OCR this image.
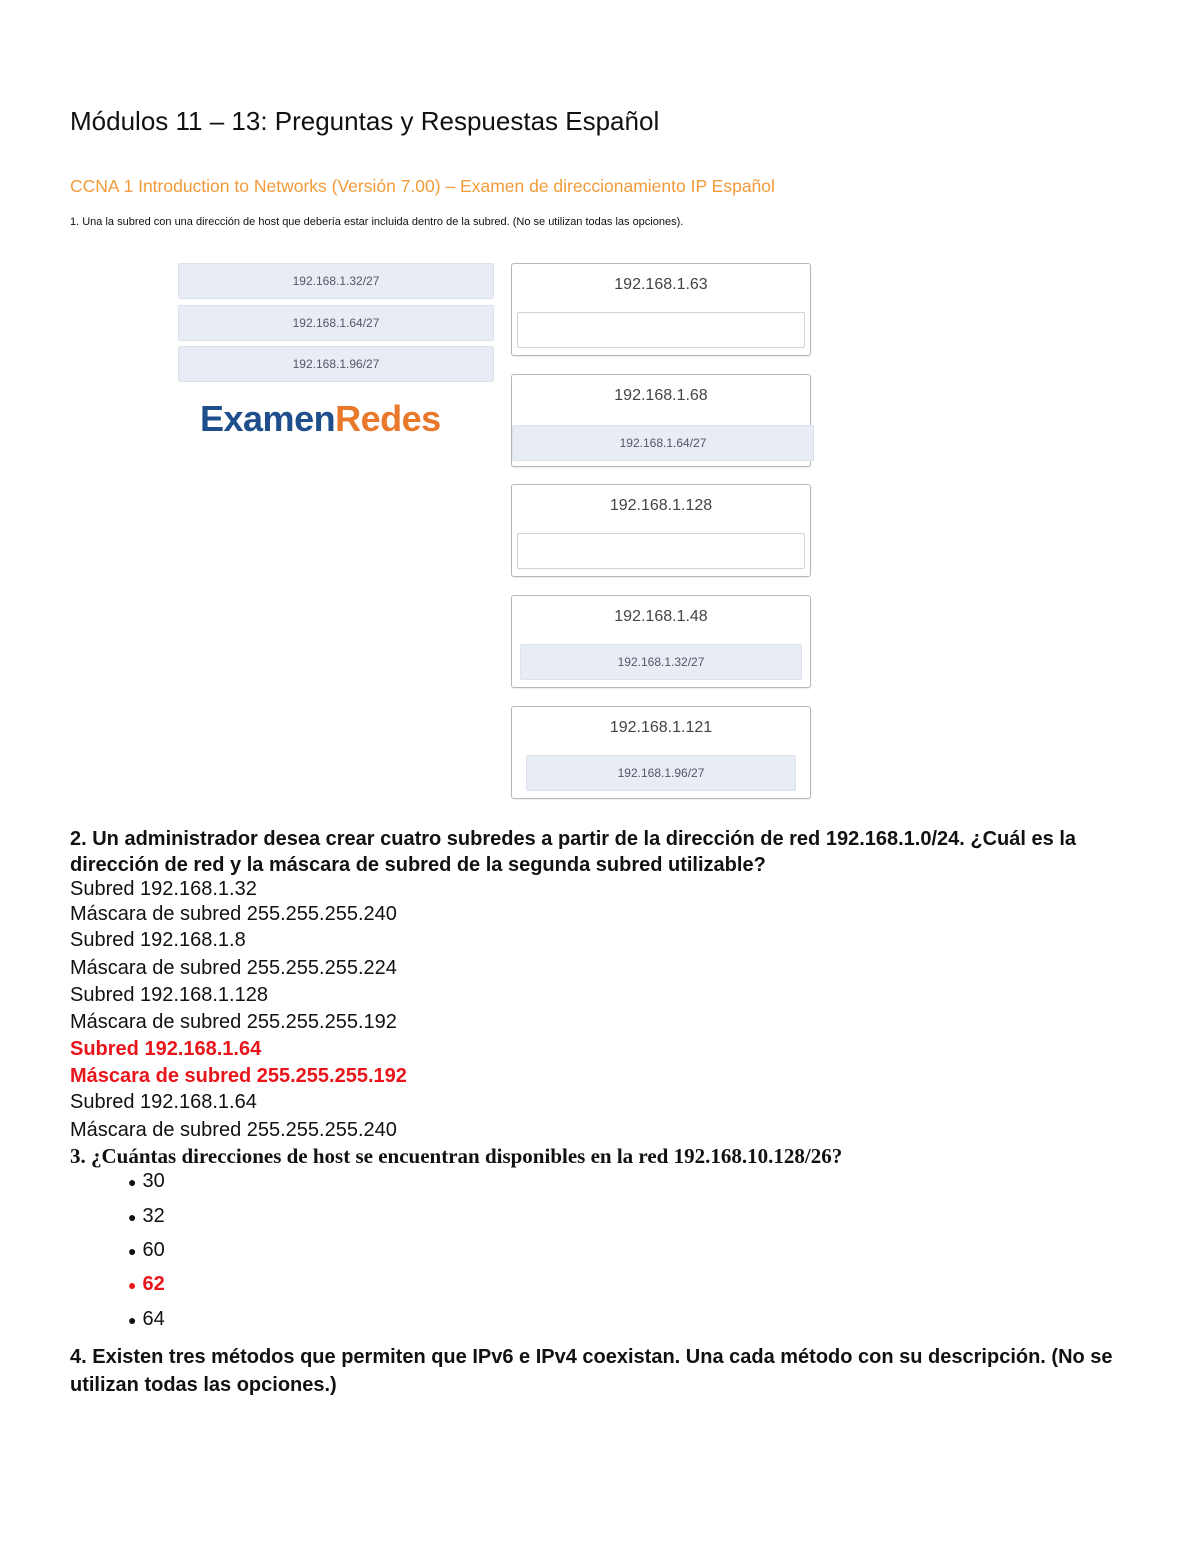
Módulos 11 – 13: Preguntas y Respuestas Español
CCNA 1 Introduction to Networks (Versión 7.00) – Examen de direccionamiento IP Español
1. Una la subred con una dirección de host que debería estar incluida dentro de la subred. (No se utilizan todas las opciones).
192.168.1.32/27
192.168.1.64/27
192.168.1.96/27
ExamenRedes
192.168.1.63
192.168.1.68
192.168.1.64/27
192.168.1.128
192.168.1.48
192.168.1.32/27
192.168.1.121
192.168.1.96/27
2. Un administrador desea crear cuatro subredes a partir de la dirección de red 192.168.1.0/24. ¿Cuál es la dirección de red y la máscara de subred de la segunda subred utilizable?
Subred 192.168.1.32
Máscara de subred 255.255.255.240
Subred 192.168.1.8
Máscara de subred 255.255.255.224
Subred 192.168.1.128
Máscara de subred 255.255.255.192
Subred 192.168.1.64
Máscara de subred 255.255.255.192
Subred 192.168.1.64
Máscara de subred 255.255.255.240
3. ¿Cuántas direcciones de host se encuentran disponibles en la red 192.168.10.128/26?
● 30
● 32
● 60
● 62
● 64
4. Existen tres métodos que permiten que IPv6 e IPv4 coexistan. Una cada método con su descripción. (No se utilizan todas las opciones.)
